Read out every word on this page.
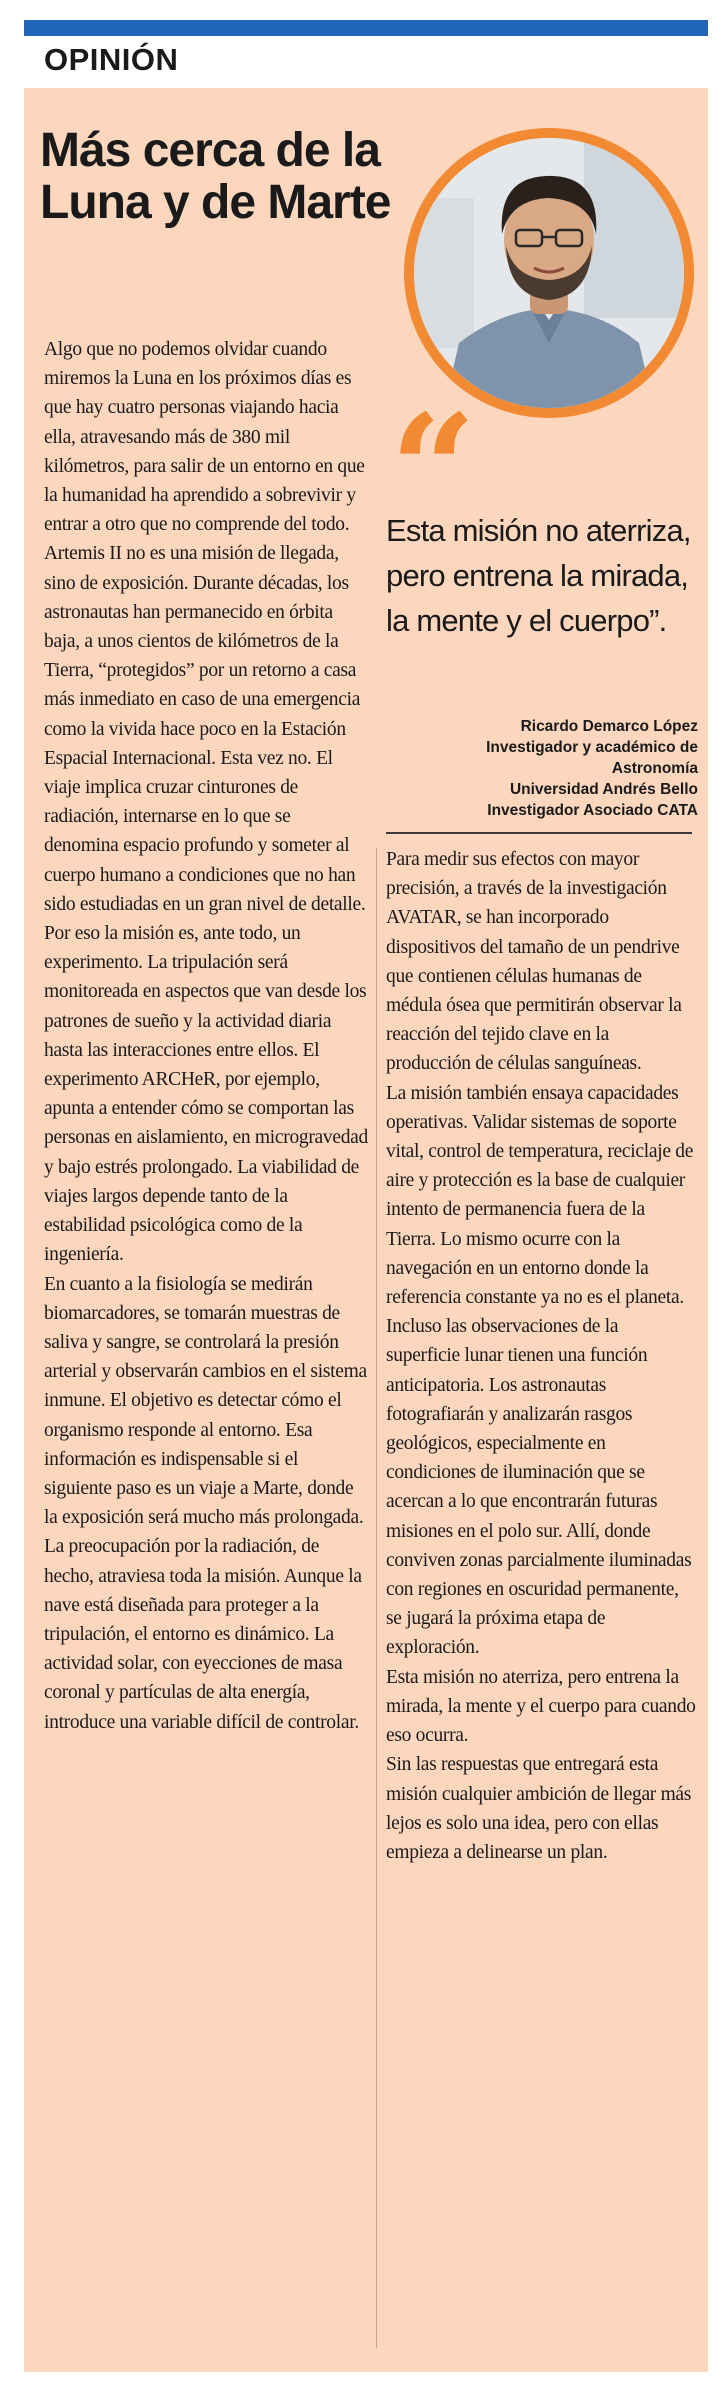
OPINIÓN
Más cerca de la Luna y de Marte
“

Esta misión no aterriza, pero entrena la mirada, la mente y el cuerpo”.

Ricardo Demarco López
Investigador y académico de
Astronomía
Universidad Andrés Bello
Investigador Asociado CATA

Algo que no podemos olvidar cuando miremos la Luna en los próximos días es que hay cuatro personas viajando hacia ella, atravesando más de 380 mil kilómetros, para salir de un entorno en que la humanidad ha aprendido a sobrevivir y entrar a otro que no comprende del todo.

Artemis II no es una misión de llegada, sino de exposición. Durante décadas, los astronautas han permanecido en órbita baja, a unos cientos de kilómetros de la Tierra, “protegidos” por un retorno a casa más inmediato en caso de una emergencia como la vivida hace poco en la Estación Espacial Internacional. Esta vez no. El viaje implica cruzar cinturones de radiación, internarse en lo que se denomina espacio profundo y someter al cuerpo humano a condiciones que no han sido estudiadas en un gran nivel de detalle.

Por eso la misión es, ante todo, un experimento. La tripulación será monitoreada en aspectos que van desde los patrones de sueño y la actividad diaria hasta las interacciones entre ellos. El experimento ARCHeR, por ejemplo, apunta a entender cómo se comportan las personas en aislamiento, en microgravedad y bajo estrés prolongado. La viabilidad de viajes largos depende tanto de la estabilidad psicológica como de la ingeniería.

En cuanto a la fisiología se medirán biomarcadores, se tomarán muestras de saliva y sangre, se controlará la presión arterial y observarán cambios en el sistema inmune. El objetivo es detectar cómo el organismo responde al entorno. Esa información es indispensable si el siguiente paso es un viaje a Marte, donde la exposición será mucho más prolongada.

La preocupación por la radiación, de hecho, atraviesa toda la misión. Aunque la nave está diseñada para proteger a la tripulación, el entorno es dinámico. La actividad solar, con eyecciones de masa coronal y partículas de alta energía, introduce una variable difícil de controlar.

Para medir sus efectos con mayor precisión, a través de la investigación AVATAR, se han incorporado dispositivos del tamaño de un pendrive que contienen células humanas de médula ósea que permitirán observar la reacción del tejido clave en la producción de células sanguíneas.

La misión también ensaya capacidades operativas. Validar sistemas de soporte vital, control de temperatura, reciclaje de aire y protección es la base de cualquier intento de permanencia fuera de la Tierra. Lo mismo ocurre con la navegación en un entorno donde la referencia constante ya no es el planeta.

Incluso las observaciones de la superficie lunar tienen una función anticipatoria. Los astronautas fotografiarán y analizarán rasgos geológicos, especialmente en condiciones de iluminación que se acercan a lo que encontrarán futuras misiones en el polo sur. Allí, donde conviven zonas parcialmente iluminadas con regiones en oscuridad permanente, se jugará la próxima etapa de exploración.

Esta misión no aterriza, pero entrena la mirada, la mente y el cuerpo para cuando eso ocurra.

Sin las respuestas que entregará esta misión cualquier ambición de llegar más lejos es solo una idea, pero con ellas empieza a delinearse un plan.
